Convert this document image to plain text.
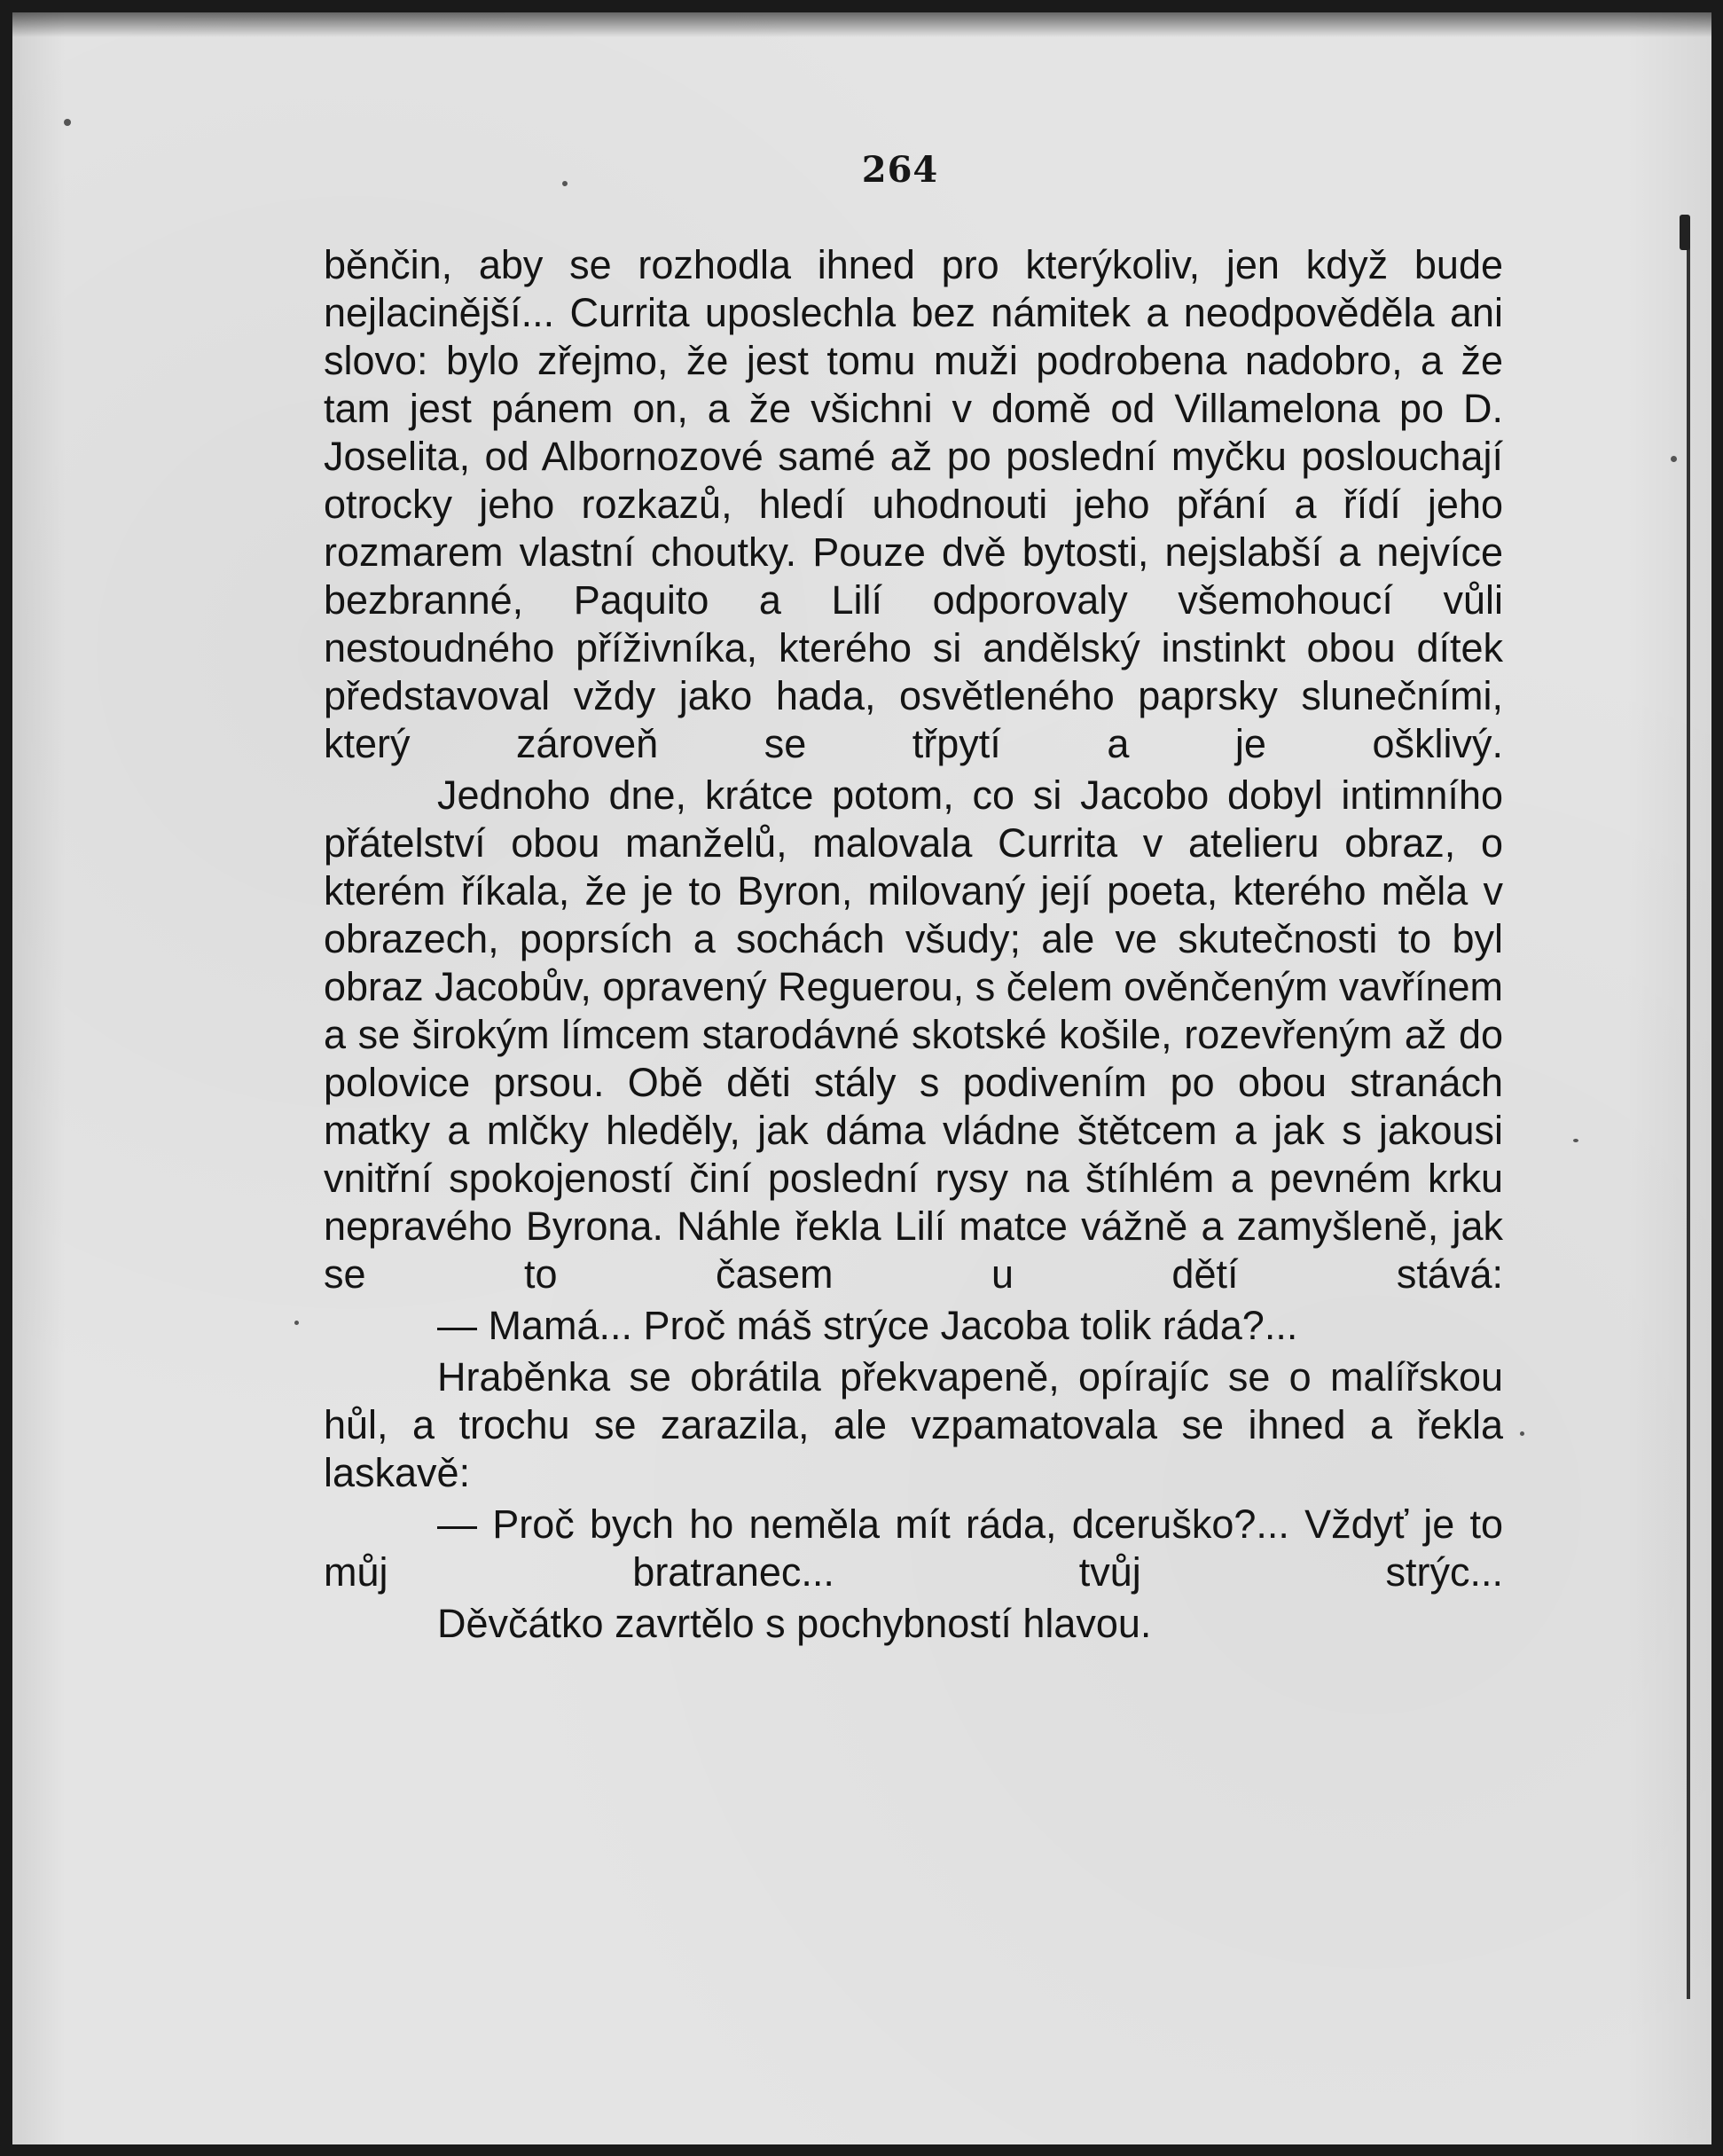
264

běnčin, aby se rozhodla ihned pro kterýkoliv, jen když bude nejlacinější... Currita uposlechla bez námitek a neodpověděla ani slovo: bylo zřejmo, že jest tomu muži podrobena nadobro, a že tam jest pánem on, a že všichni v domě od Villamelona po D. Joselita, od Albornozové samé až po poslední myčku poslouchají otrocky jeho rozkazů, hledí uhodnouti jeho přání a řídí jeho rozmarem vlastní choutky. Pouze dvě bytosti, nejslabší a nejvíce bezbranné, Paquito a Lilí odporovaly všemohoucí vůli nestoudného příživníka, kterého si andělský instinkt obou dítek představoval vždy jako hada, osvětleného paprsky slunečními, který zároveň se třpytí a je ošklivý.

Jednoho dne, krátce potom, co si Jacobo dobyl intimního přátelství obou manželů, malovala Currita v atelieru obraz, o kterém říkala, že je to Byron, milovaný její poeta, kterého měla v obrazech, poprsích a sochách všudy; ale ve skutečnosti to byl obraz Jacobův, opravený Reguerou, s čelem ověnčeným vavřínem a se širokým límcem starodávné skotské košile, rozevřeným až do polovice prsou. Obě děti stály s podivením po obou stranách matky a mlčky hleděly, jak dáma vládne štětcem a jak s jakousi vnitřní spokojeností činí poslední rysy na štíhlém a pevném krku nepravého Byrona. Náhle řekla Lilí matce vážně a zamyšleně, jak se to časem u dětí stává:

— Mamá... Proč máš strýce Jacoba tolik ráda?...

Hraběnka se obrátila překvapeně, opírajíc se o malířskou hůl, a trochu se zarazila, ale vzpamatovala se ihned a řekla laskavě:

— Proč bych ho neměla mít ráda, dceruško?... Vždyť je to můj bratranec... tvůj strýc...

Děvčátko zavrtělo s pochybností hlavou.
